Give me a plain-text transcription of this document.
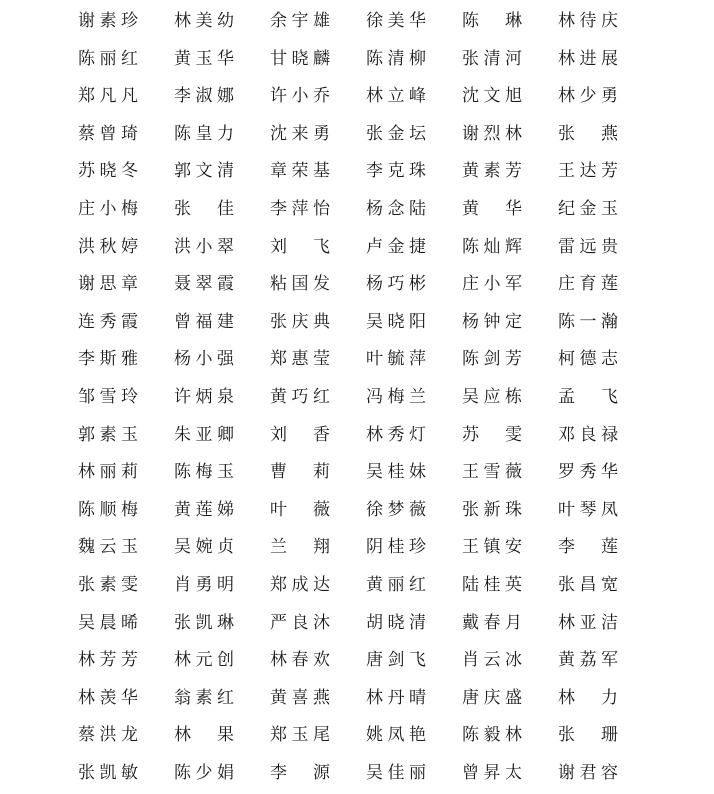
谢 素 珍 林 美 幼 余 宇 雄 徐 美 华 陈 琳 林 待 庆
陈 丽 红 黄 玉 华 甘 晓 麟 陈 清 柳 张 清 河 林 进 展
郑 凡 凡 李 淑 娜 许 小 乔 林 立 峰 沈 文 旭 林 少 勇
蔡 曾 琦 陈 皇 力 沈 来 勇 张 金 坛 谢 烈 林 张 燕
苏 晓 冬 郭 文 清 章 荣 基 李 克 珠 黄 素 芳 王 达 芳
庄 小 梅 张 佳 李 萍 怡 杨 念 陆 黄 华 纪 金 玉
洪 秋 婷 洪 小 翠 刘 飞 卢 金 捷 陈 灿 辉 雷 远 贵
谢 思 章 聂 翠 霞 粘 国 发 杨 巧 彬 庄 小 军 庄 育 莲
连 秀 霞 曾 福 建 张 庆 典 吴 晓 阳 杨 钟 定 陈 一 瀚
李 斯 雅 杨 小 强 郑 惠 莹 叶 毓 萍 陈 剑 芳 柯 德 志
邹 雪 玲 许 炳 泉 黄 巧 红 冯 梅 兰 吴 应 栋 孟 飞
郭 素 玉 朱 亚 卿 刘 香 林 秀 灯 苏 雯 邓 良 禄
林 丽 莉 陈 梅 玉 曹 莉 吴 桂 妹 王 雪 薇 罗 秀 华
陈 顺 梅 黄 莲 娣 叶 薇 徐 梦 薇 张 新 珠 叶 琴 凤
魏 云 玉 吴 婉 贞 兰 翔 阴 桂 珍 王 镇 安 李 莲
张 素 雯 肖 勇 明 郑 成 达 黄 丽 红 陆 桂 英 张 昌 宽
吴 晨 晞 张 凯 琳 严 良 沐 胡 晓 清 戴 春 月 林 亚 洁
林 芳 芳 林 元 创 林 春 欢 唐 剑 飞 肖 云 冰 黄 荔 军
林 羡 华 翁 素 红 黄 喜 燕 林 丹 晴 唐 庆 盛 林 力
蔡 洪 龙 林 果 郑 玉 尾 姚 凤 艳 陈 毅 林 张 珊
张 凯 敏 陈 少 娟 李 源 吴 佳 丽 曾 昇 太 谢 君 容
